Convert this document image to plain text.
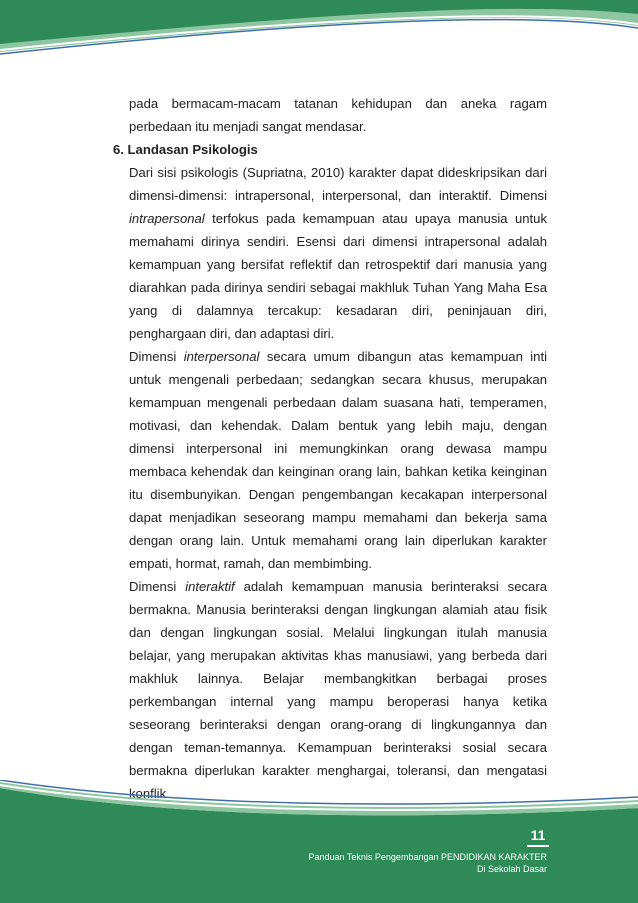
pada bermacam-macam tatanan kehidupan dan aneka ragam

perbedaan itu menjadi sangat mendasar.

6. Landasan Psikologis

Dari sisi psikologis (Supriatna, 2010) karakter dapat dideskripsikan dari dimensi-dimensi: intrapersonal, interpersonal, dan interaktif. Dimensi intrapersonal terfokus pada kemampuan atau upaya manusia untuk memahami dirinya sendiri. Esensi dari dimensi intrapersonal adalah kemampuan yang bersifat reflektif dan retrospektif dari manusia yang diarahkan pada dirinya sendiri sebagai makhluk Tuhan Yang Maha Esa yang di dalamnya tercakup: kesadaran diri, peninjauan diri, penghargaan diri, dan adaptasi diri.

Dimensi interpersonal secara umum dibangun atas kemampuan inti untuk mengenali perbedaan; sedangkan secara khusus, merupakan kemampuan mengenali perbedaan dalam suasana hati, temperamen, motivasi, dan kehendak. Dalam bentuk yang lebih maju, dengan dimensi interpersonal ini memungkinkan orang dewasa mampu membaca kehendak dan keinginan orang lain, bahkan ketika keinginan itu disembunyikan. Dengan pengembangan kecakapan interpersonal dapat menjadikan seseorang mampu memahami dan bekerja sama dengan orang lain. Untuk memahami orang lain diperlukan karakter empati, hormat, ramah, dan membimbing.

Dimensi interaktif adalah kemampuan manusia berinteraksi secara bermakna. Manusia berinteraksi dengan lingkungan alamiah atau fisik dan dengan lingkungan sosial. Melalui lingkungan itulah manusia belajar, yang merupakan aktivitas khas manusiawi, yang berbeda dari makhluk lainnya. Belajar membangkitkan berbagai proses perkembangan internal yang mampu beroperasi hanya ketika seseorang berinteraksi dengan orang-orang di lingkungannya dan dengan teman-temannya. Kemampuan berinteraksi sosial secara bermakna diperlukan karakter menghargai, toleransi, dan mengatasi konflik.

11
Panduan Teknis Pengembangan PENDIDIKAN KARAKTER
Di Sekolah Dasar
